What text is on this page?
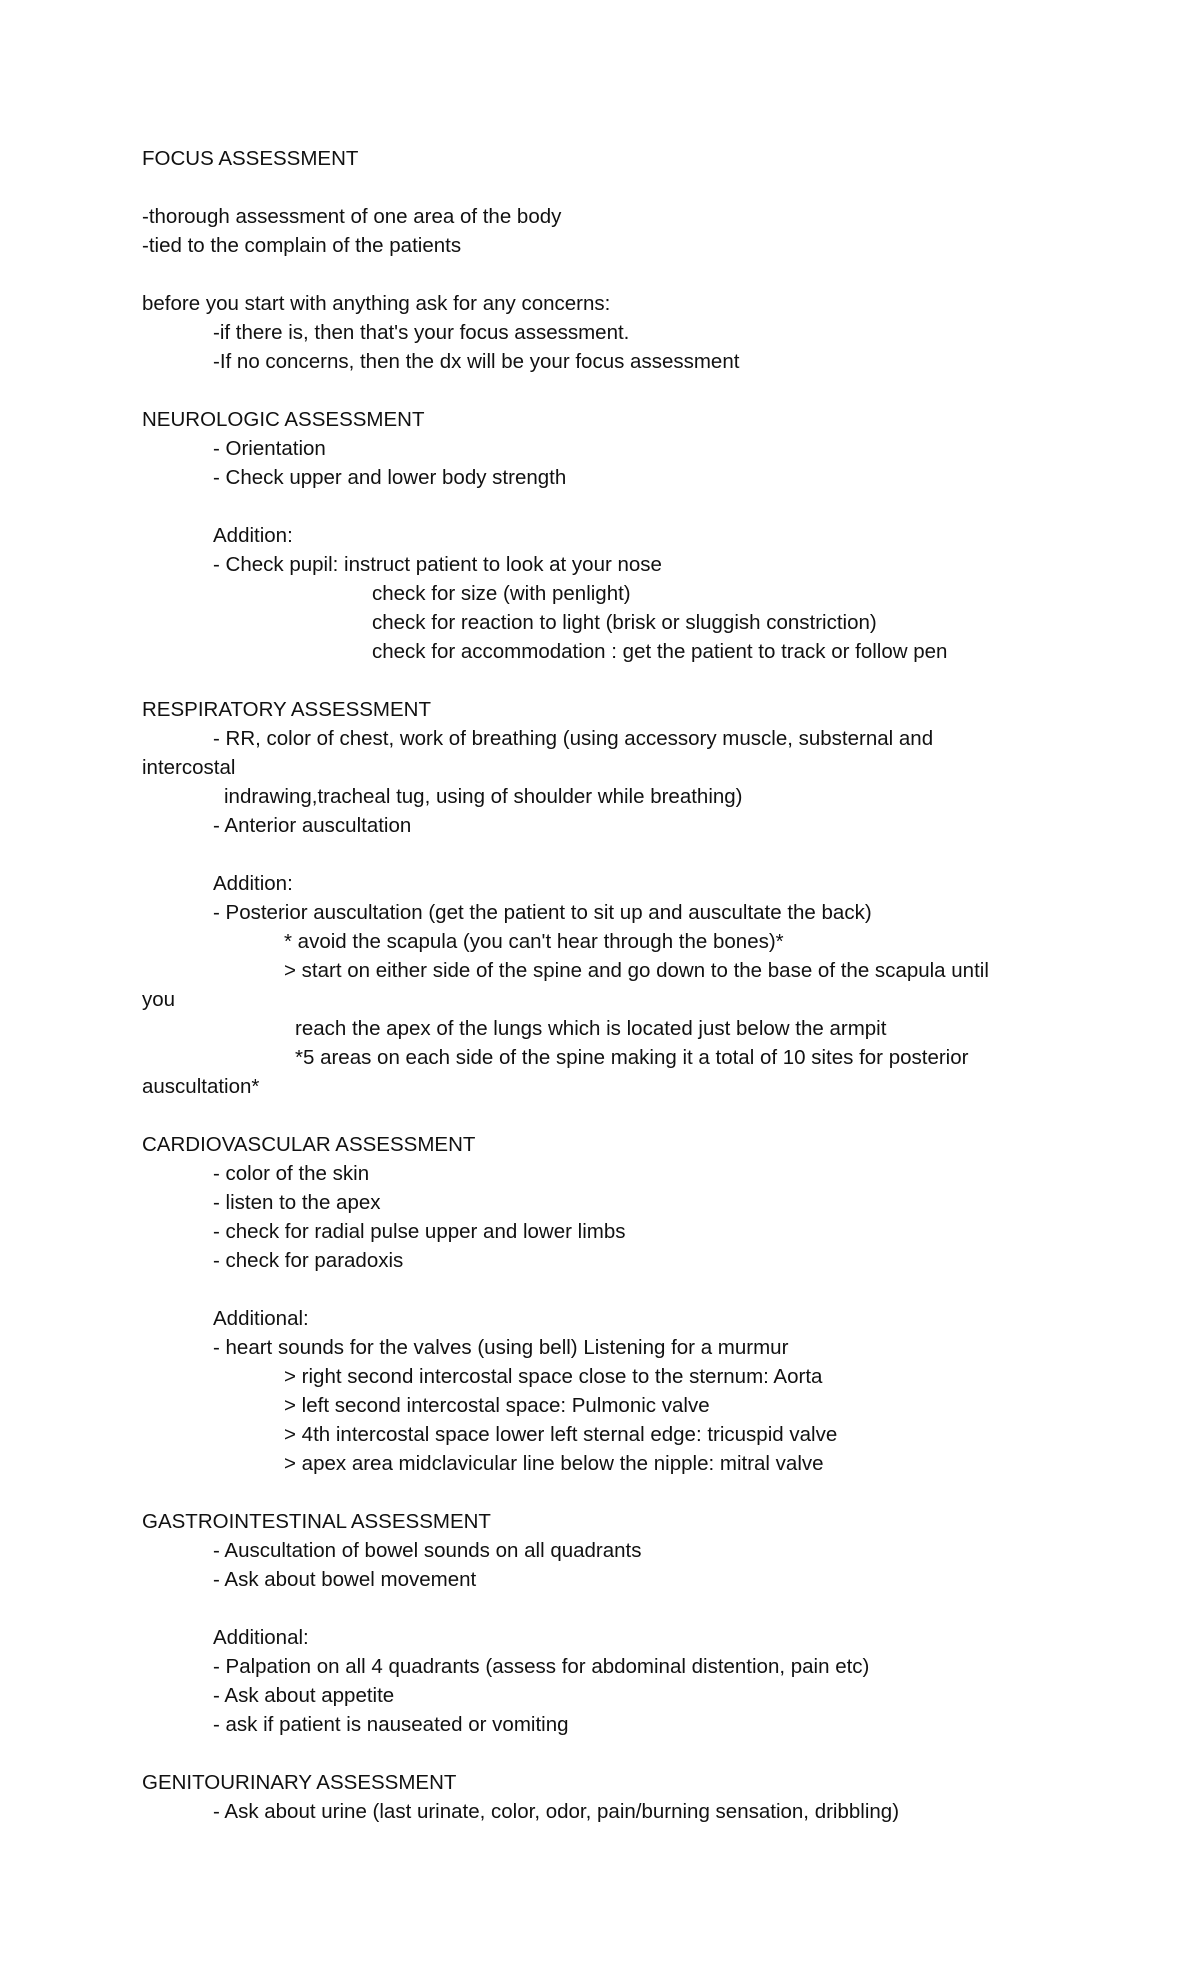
FOCUS ASSESSMENT

-thorough assessment of one area of the body

-tied to the complain of the patients

before you start with anything ask for any concerns:

-if there is, then that's your focus assessment.

-If no concerns, then the dx will be your focus assessment

NEUROLOGIC ASSESSMENT

- Orientation

- Check upper and lower body strength

Addition:

- Check pupil: instruct patient to look at your nose

check for size (with penlight)

check for reaction to light (brisk or sluggish constriction)

check for accommodation : get the patient to track or follow pen

RESPIRATORY ASSESSMENT

- RR, color of chest, work of breathing (using accessory muscle, substernal and

intercostal

indrawing,tracheal tug, using of shoulder while breathing)

- Anterior auscultation

Addition:

- Posterior auscultation (get the patient to sit up and auscultate the back)

* avoid the scapula (you can't hear through the bones)*

> start on either side of the spine and go down to the base of the scapula until

you

reach the apex of the lungs which is located just below the armpit

*5 areas on each side of the spine making it a total of 10 sites for posterior

auscultation*

CARDIOVASCULAR ASSESSMENT

- color of the skin

- listen to the apex

- check for radial pulse upper and lower limbs

- check for paradoxis

Additional:

- heart sounds for the valves (using bell) Listening for a murmur

> right second intercostal space close to the sternum: Aorta

> left second intercostal space: Pulmonic valve

> 4th intercostal space lower left sternal edge: tricuspid valve

> apex area midclavicular line below the nipple: mitral valve

GASTROINTESTINAL ASSESSMENT

- Auscultation of bowel sounds on all quadrants

- Ask about bowel movement

Additional:

- Palpation on all 4 quadrants (assess for abdominal distention, pain etc)

- Ask about appetite

- ask if patient is nauseated or vomiting

GENITOURINARY ASSESSMENT

- Ask about urine (last urinate, color, odor, pain/burning sensation, dribbling)
